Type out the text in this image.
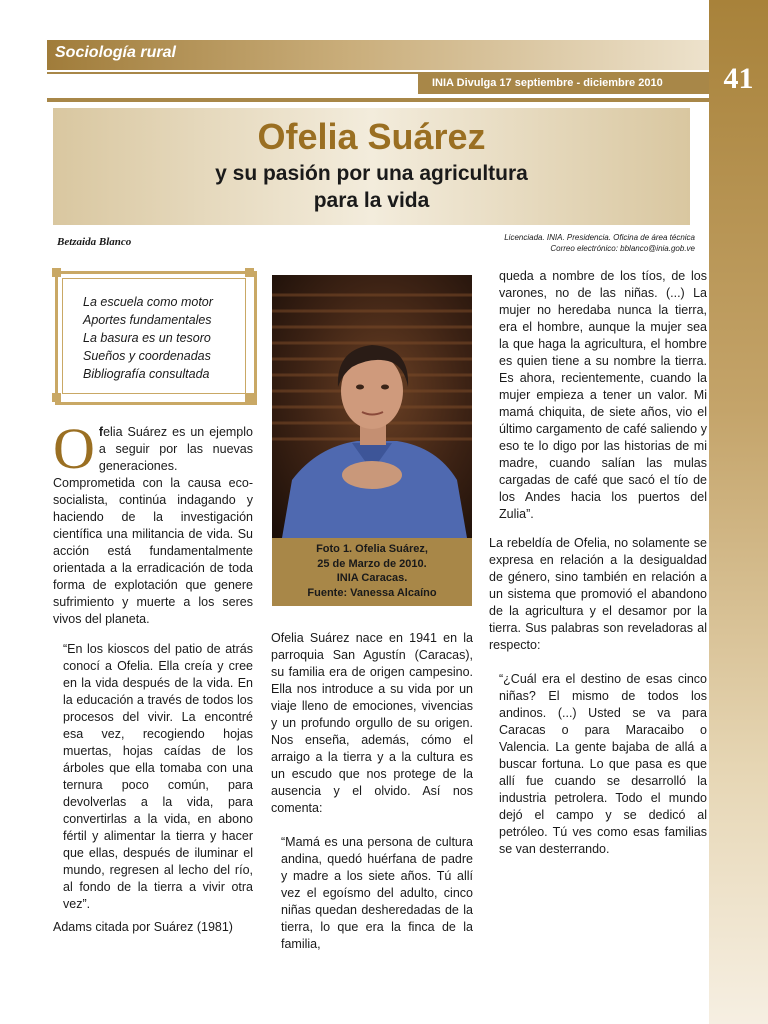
41
Sociología rural
INIA Divulga 17 septiembre - diciembre 2010
Ofelia Suárez
y su pasión por una agricultura
para la vida
Betzaida Blanco	Licenciada. INIA. Presidencia. Oficina de área técnica
Correo electrónico: bblanco@inia.gob.ve
La escuela como motor
Aportes fundamentales
La basura es un tesoro
Sueños y coordenadas
Bibliografía consultada

Ofelia Suárez es un ejemplo a seguir por las nuevas generaciones. Comprometida con la causa eco-socialista, continúa indagando y haciendo de la investigación científica una militancia de vida. Su acción está fundamentalmente orientada a la erradicación de toda forma de explotación que genere sufrimiento y muerte a los seres vivos del planeta.

“En los kioscos del patio de atrás conocí a Ofelia. Ella creía y cree en la vida después de la vida. En la educación a través de todos los procesos del vivir. La encontré esa vez, recogiendo hojas muertas, hojas caídas de los árboles que ella tomaba con una ternura poco común, para devolverlas a la vida, para convertirlas a la vida, en abono fértil y alimentar la tierra y hacer que ellas, después de iluminar el mundo, regresen al lecho del río, al fondo de la tierra a vivir otra vez”.

Adams citada por Suárez (1981)

Foto 1. Ofelia Suárez,
25 de Marzo de 2010.
INIA Caracas.
Fuente: Vanessa Alcaíno

Ofelia Suárez nace en 1941 en la parroquia San Agustín (Caracas), su familia era de origen campesino. Ella nos introduce a su vida por un viaje lleno de emociones, vivencias y un profundo orgullo de su origen. Nos enseña, además, cómo el arraigo a la tierra y a la cultura es un escudo que nos protege de la ausencia y el olvido. Así nos comenta:

“Mamá es una persona de cultura andina, quedó huérfana de padre y madre a los siete años. Tú allí vez el egoísmo del adulto, cinco niñas quedan desheredadas de la tierra, lo que era la finca de la familia,

queda a nombre de los tíos, de los varones, no de las niñas. (...) La mujer no heredaba nunca la tierra, era el hombre, aunque la mujer sea la que haga la agricultura, el hombre es quien tiene a su nombre la tierra. Es ahora, recientemente, cuando la mujer empieza a tener un valor. Mi mamá chiquita, de siete años, vio el último cargamento de café saliendo y eso te lo digo por las historias de mi madre, cuando salían las mulas cargadas de café que sacó el tío de los Andes hacia los puertos del Zulia”.

La rebeldía de Ofelia, no solamente se expresa en relación a la desigualdad de género, sino también en relación a un sistema que promovió el abandono de la agricultura y el desamor por la tierra. Sus palabras son reveladoras al respecto:

“¿Cuál era el destino de esas cinco niñas? El mismo de todos los andinos. (...) Usted se va para Caracas o para Maracaibo o Valencia. La gente bajaba de allá a buscar fortuna. Lo que pasa es que allí fue cuando se desarrolló la industria petrolera. Todo el mundo dejó el campo y se dedicó al petróleo. Tú ves como esas familias se van desterrando.
